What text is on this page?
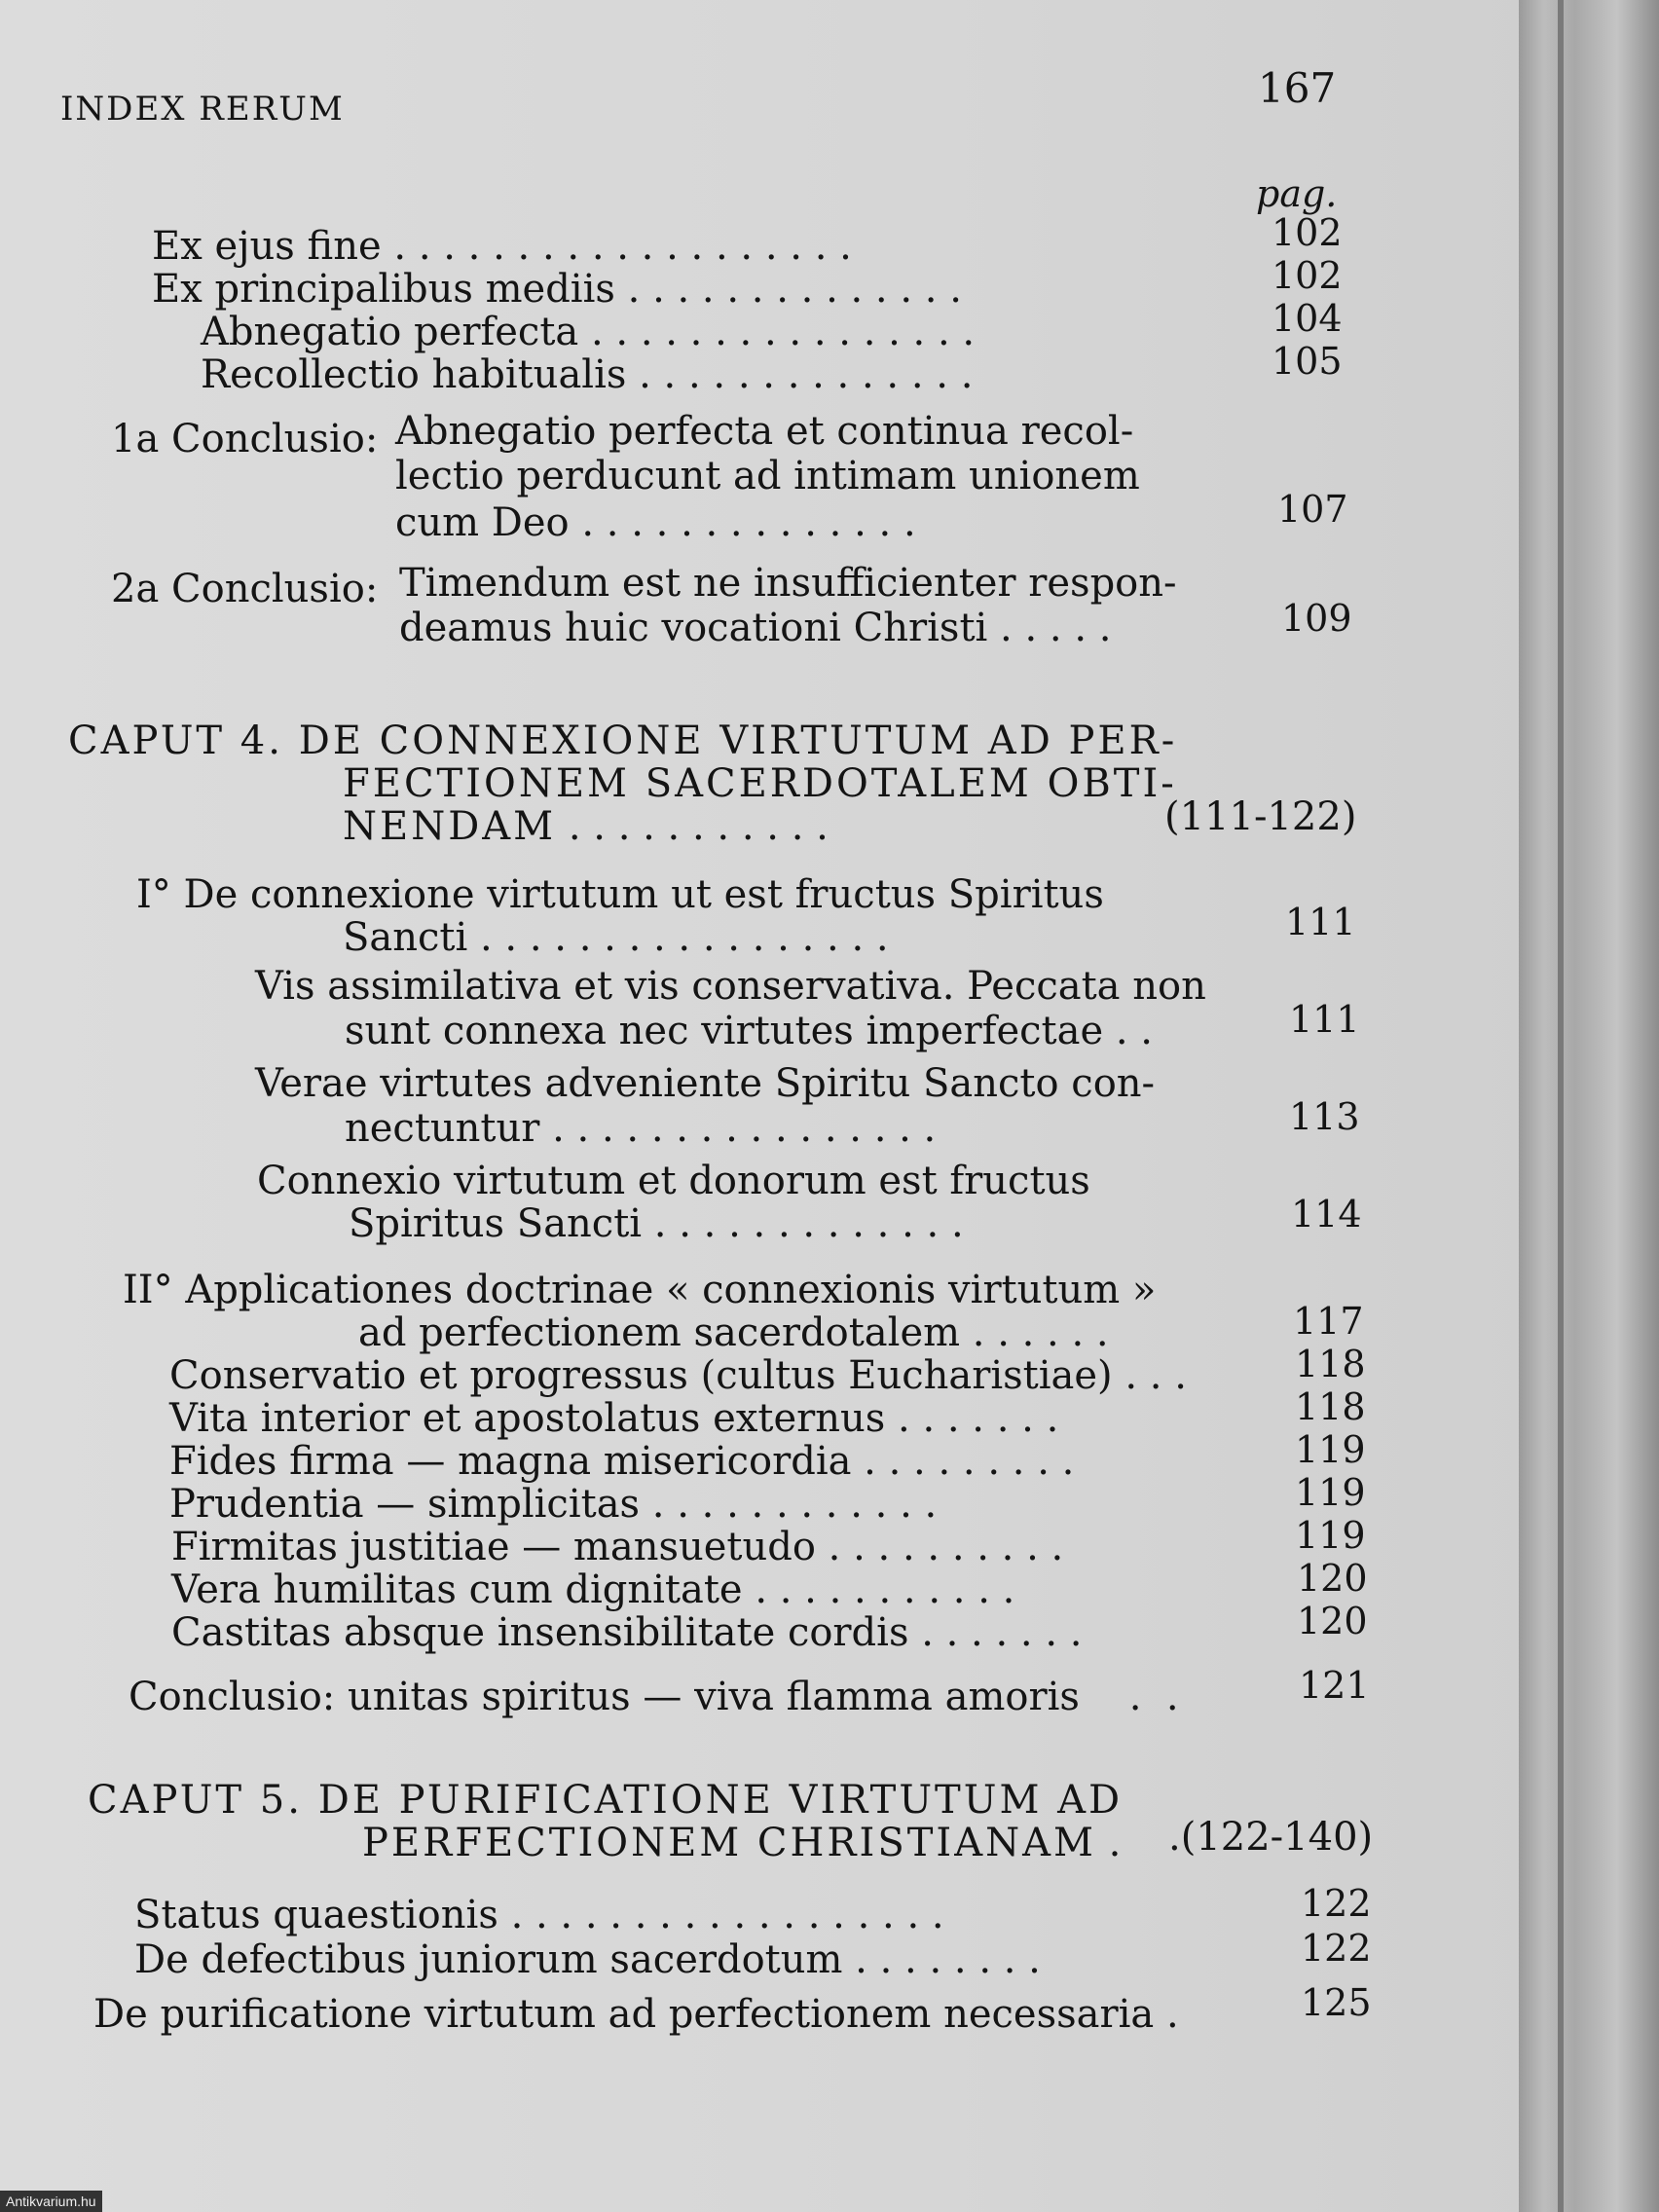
INDEX RERUM	167
pag.
Ex ejus fine . . . . . . . . . . . . . . . . . . .	102
Ex principalibus mediis . . . . . . . . . . . . . .	102
Abnegatio perfecta . . . . . . . . . . . . . . . .	104
Recollectio habitualis . . . . . . . . . . . . . .	105
1a Conclusio: Abnegatio perfecta et continua recol-
lectio perducunt ad intimam unionem
cum Deo . . . . . . . . . . . . . .	107
2a Conclusio: Timendum est ne insufficienter respon-
deamus huic vocationi Christi . . . . .	109
CAPUT 4. DE CONNEXIONE VIRTUTUM AD PER-
FECTIONEM SACERDOTALEM OBTI-
NENDAM . . . . . . . . . . .	(111-122)
I° De connexione virtutum ut est fructus Spiritus
Sancti . . . . . . . . . . . . . . . . .	111
Vis assimilativa et vis conservativa. Peccata non
sunt connexa nec virtutes imperfectae . .	111
Verae virtutes adveniente Spiritu Sancto con-
nectuntur . . . . . . . . . . . . . . . .	113
Connexio virtutum et donorum est fructus
Spiritus Sancti . . . . . . . . . . . . .	114
II° Applicationes doctrinae « connexionis virtutum »
ad perfectionem sacerdotalem . . . . . .	117
Conservatio et progressus (cultus Eucharistiae) . . .	118
Vita interior et apostolatus externus . . . . . . .	118
Fides firma — magna misericordia . . . . . . . . .	119
Prudentia — simplicitas . . . . . . . . . . . .	119
Firmitas justitiae — mansuetudo . . . . . . . . . .	119
Vera humilitas cum dignitate . . . . . . . . . . .	120
Castitas absque insensibilitate cordis . . . . . . .	120
Conclusio: unitas spiritus — viva flamma amoris    .  .	121
CAPUT 5. DE PURIFICATIONE VIRTUTUM AD
PERFECTIONEM CHRISTIANAM . .(122-140)
Status quaestionis . . . . . . . . . . . . . . . . . .	122
De defectibus juniorum sacerdotum . . . . . . . .	122
De purificatione virtutum ad perfectionem necessaria .	125
Antikvarium.hu
